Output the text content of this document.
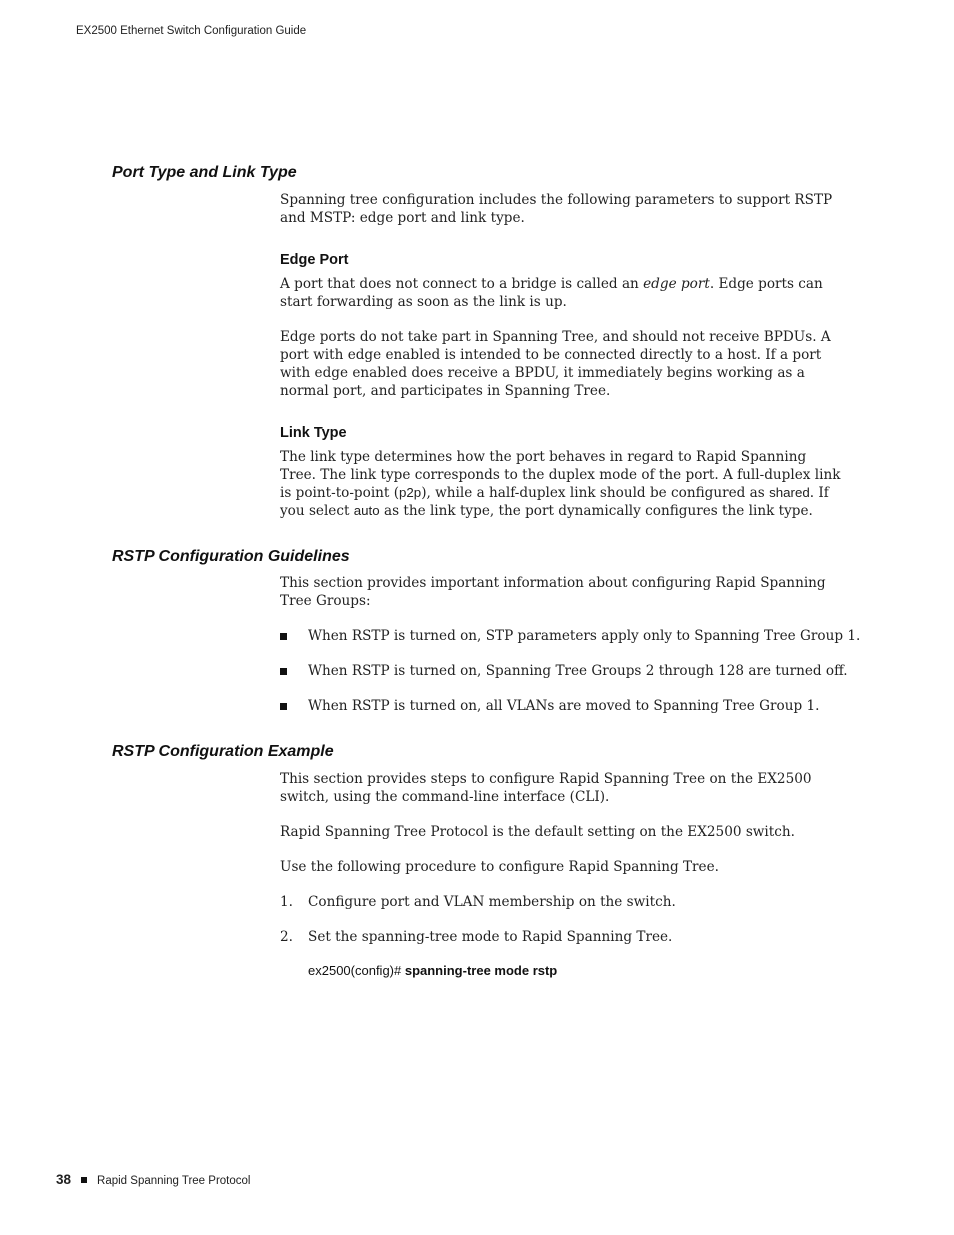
EX2500 Ethernet Switch Configuration Guide
Port Type and Link Type
Spanning tree configuration includes the following parameters to support RSTP and MSTP: edge port and link type.
Edge Port
A port that does not connect to a bridge is called an edge port. Edge ports can start forwarding as soon as the link is up.
Edge ports do not take part in Spanning Tree, and should not receive BPDUs. A port with edge enabled is intended to be connected directly to a host. If a port with edge enabled does receive a BPDU, it immediately begins working as a normal port, and participates in Spanning Tree.
Link Type
The link type determines how the port behaves in regard to Rapid Spanning Tree. The link type corresponds to the duplex mode of the port. A full-duplex link is point-to-point (p2p), while a half-duplex link should be configured as shared. If you select auto as the link type, the port dynamically configures the link type.
RSTP Configuration Guidelines
This section provides important information about configuring Rapid Spanning Tree Groups:
When RSTP is turned on, STP parameters apply only to Spanning Tree Group 1.
When RSTP is turned on, Spanning Tree Groups 2 through 128 are turned off.
When RSTP is turned on, all VLANs are moved to Spanning Tree Group 1.
RSTP Configuration Example
This section provides steps to configure Rapid Spanning Tree on the EX2500 switch, using the command-line interface (CLI).
Rapid Spanning Tree Protocol is the default setting on the EX2500 switch.
Use the following procedure to configure Rapid Spanning Tree.
1. Configure port and VLAN membership on the switch.
2. Set the spanning-tree mode to Rapid Spanning Tree.
ex2500(config)# spanning-tree mode rstp
38 Rapid Spanning Tree Protocol
